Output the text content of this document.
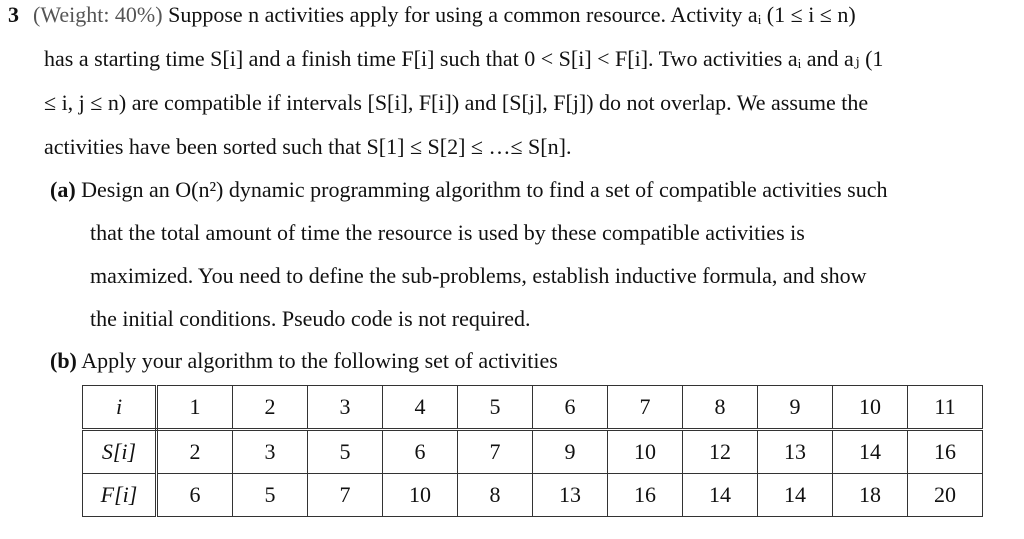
3 (Weight: 40%) Suppose n activities apply for using a common resource. Activity aᵢ (1 ≤ i ≤ n)
has a starting time S[i] and a finish time F[i] such that 0 < S[i] < F[i]. Two activities aᵢ and aⱼ (1
≤ i, j ≤ n) are compatible if intervals [S[i], F[i]) and [S[j], F[j]) do not overlap. We assume the
activities have been sorted such that S[1] ≤ S[2] ≤ …≤ S[n].
(a) Design an O(n²) dynamic programming algorithm to find a set of compatible activities such
that the total amount of time the resource is used by these compatible activities is
maximized. You need to define the sub-problems, establish inductive formula, and show
the initial conditions. Pseudo code is not required.
(b) Apply your algorithm to the following set of activities
i	1	2	3	4	5	6	7	8	9	10	11
S[i]	2	3	5	6	7	9	10	12	13	14	16
F[i]	6	5	7	10	8	13	16	14	14	18	20
